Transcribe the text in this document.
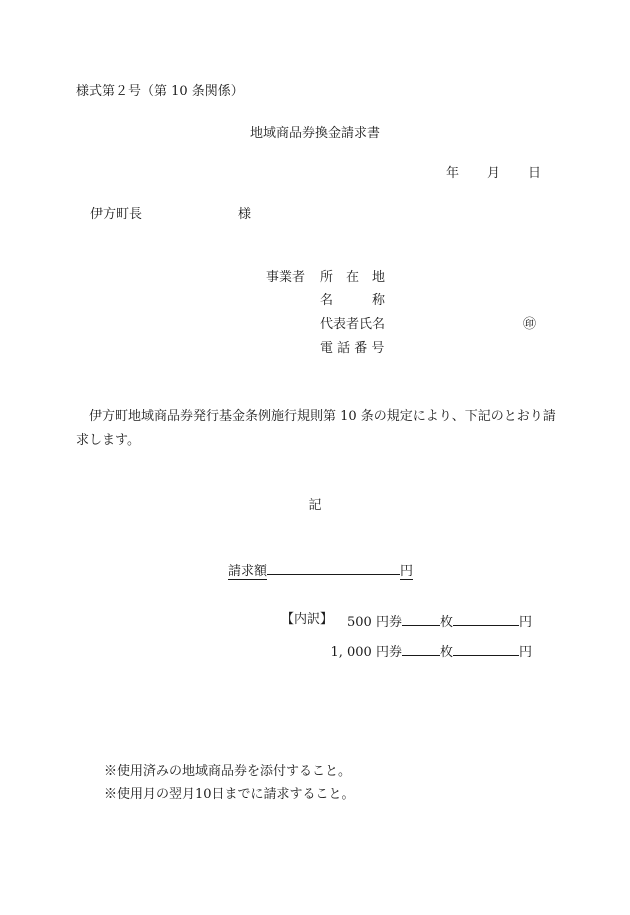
様式第２号（第 10 条関係）
地域商品券換金請求書
年 月 日
伊方町長	様
事業者 所　在　地
名　　　称
代表者氏名	㊞
電 話 番 号
伊方町地域商品券発行基金条例施行規則第 10 条の規定により、下記のとおり請求します。
記
請求額	円
【内訳】 500 円券	枚	円
1, 000 円券	枚	円
※使用済みの地域商品券を添付すること。
※使用月の翌月10日までに請求すること。
